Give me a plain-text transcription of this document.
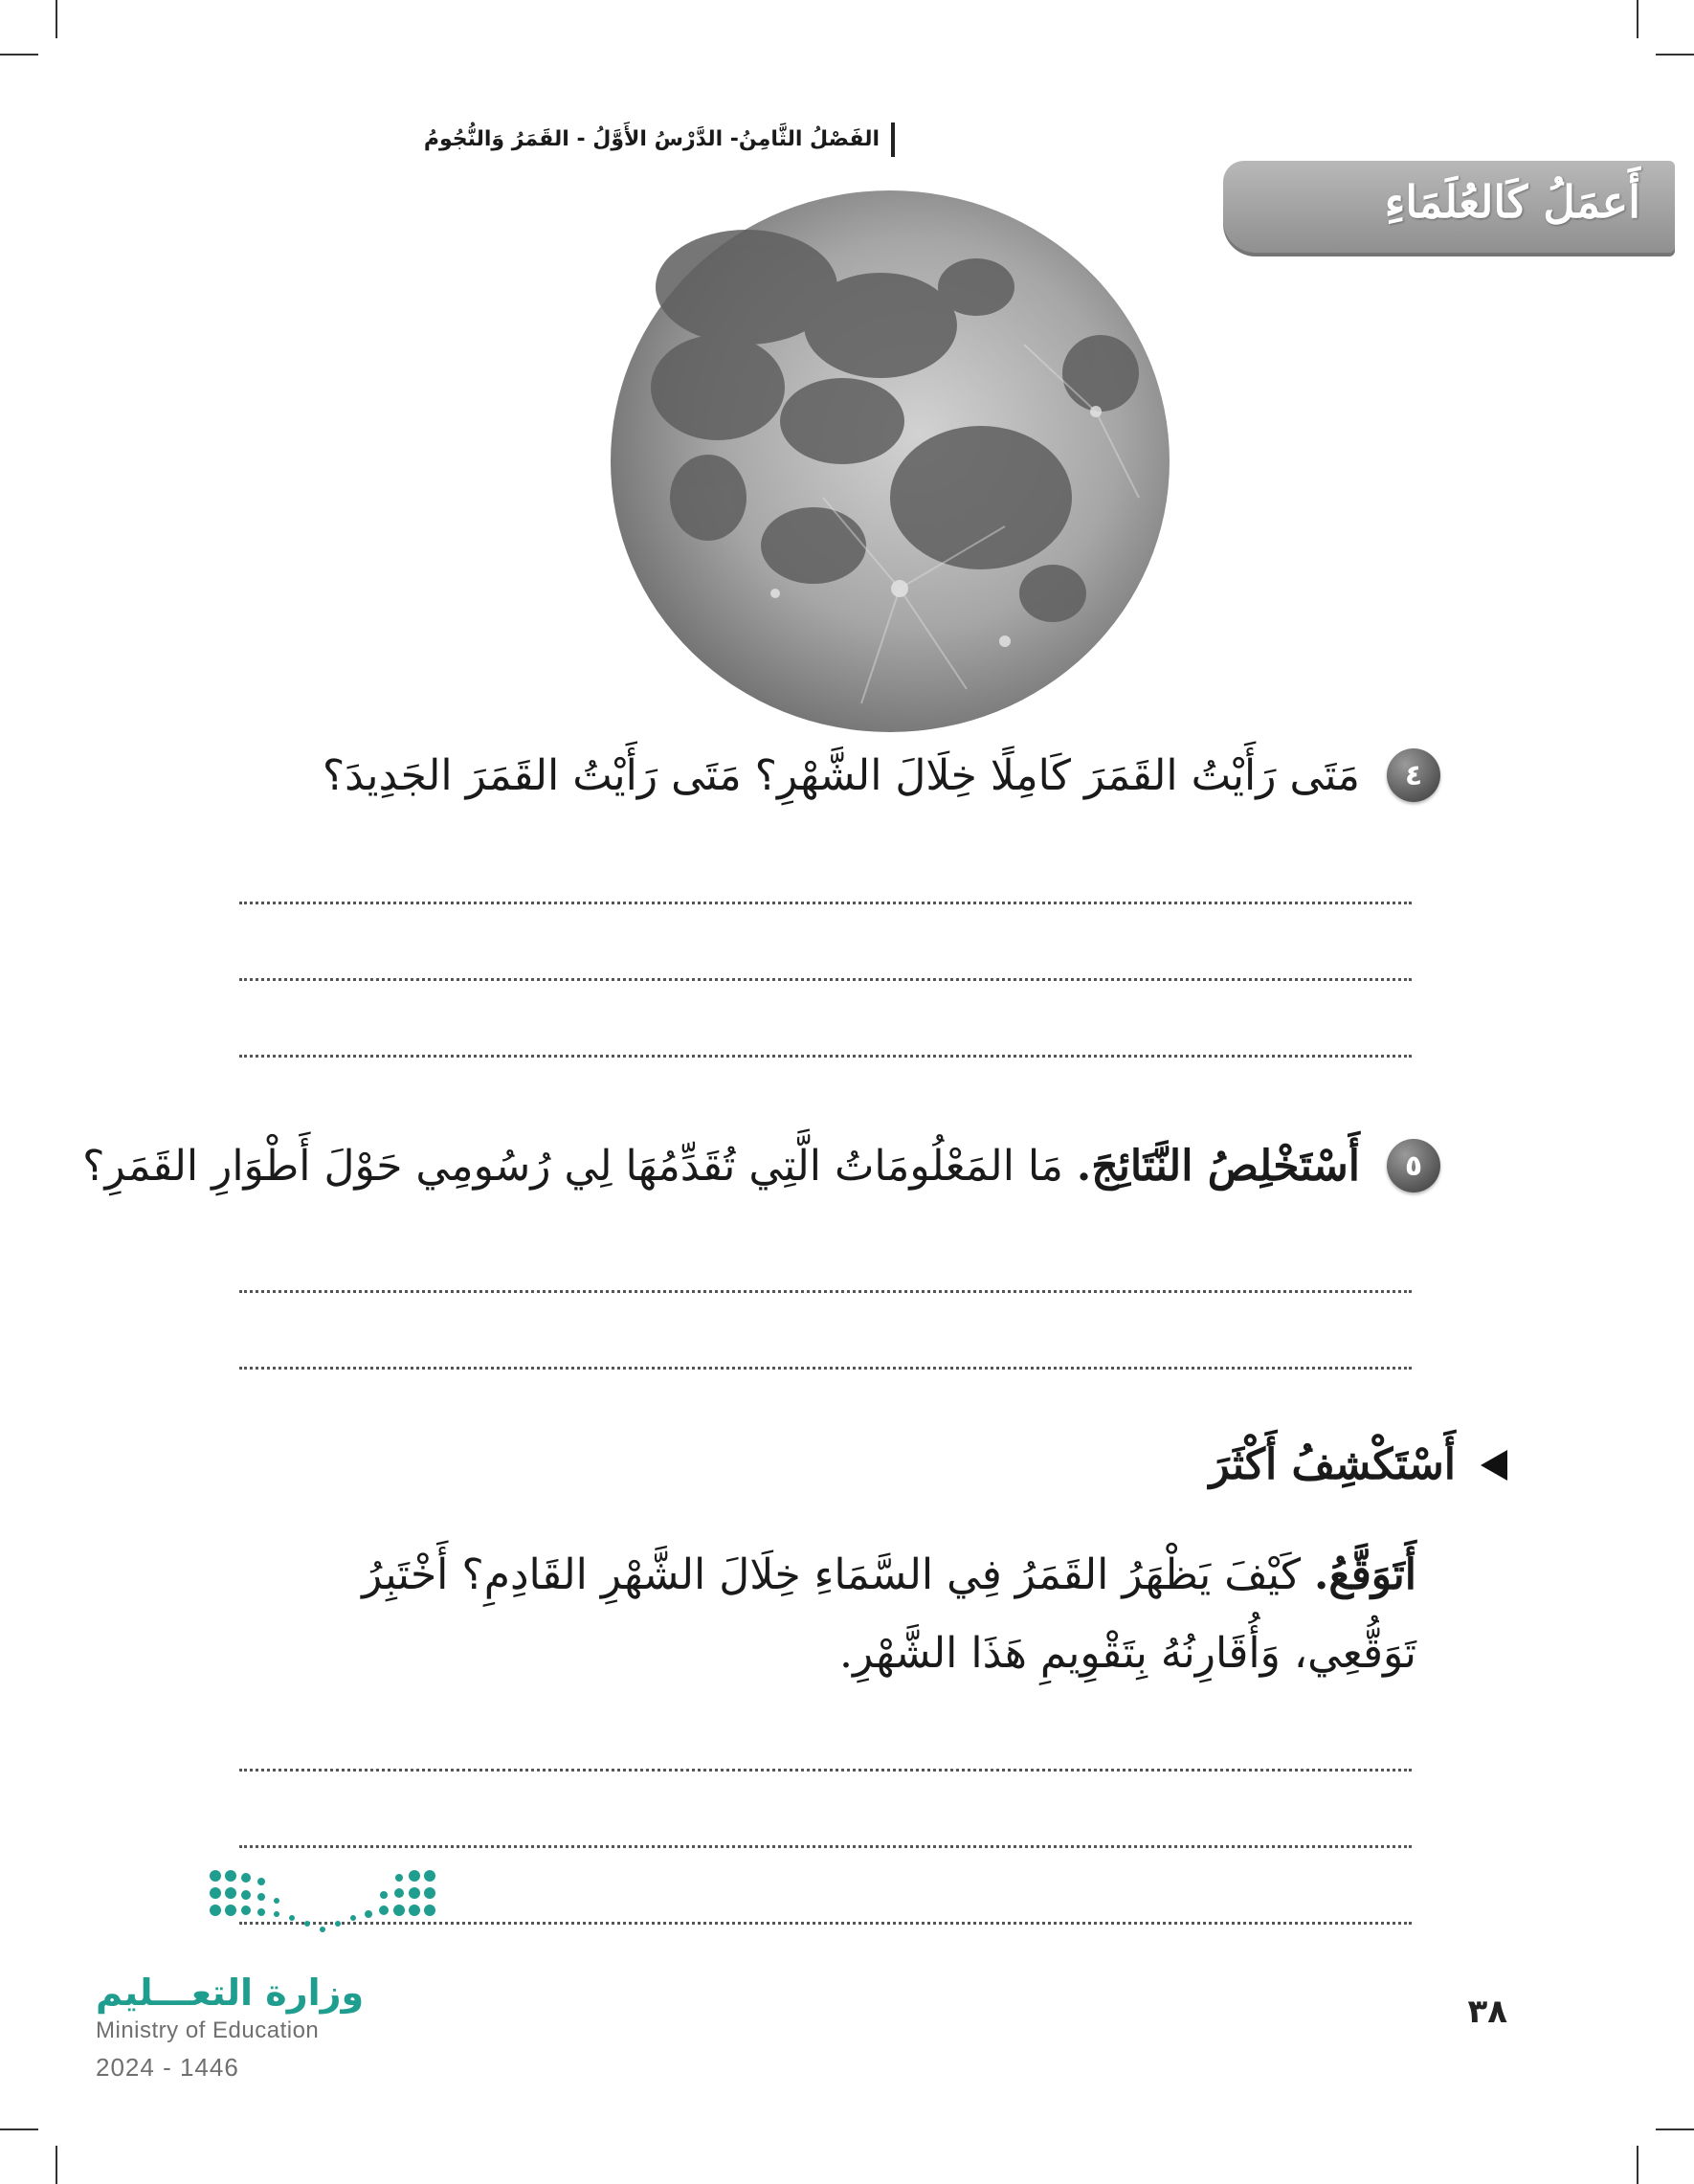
الفَصْلُ الثَّامِنُ- الدَّرْسُ الأَوَّلُ - القَمَرُ وَالنُّجُومُ
أَعمَلُ كَالعُلَمَاءِ
٤
مَتَى رَأَيْتُ القَمَرَ كَامِلًا خِلَالَ الشَّهْرِ؟ مَتَى رَأَيْتُ القَمَرَ الجَدِيدَ؟
٥
أَسْتَخْلِصُ النَّتَائِجَ. مَا المَعْلُومَاتُ الَّتِي تُقَدِّمُهَا لِي رُسُومِي حَوْلَ أَطْوَارِ القَمَرِ؟
أَسْتَكْشِفُ أَكْثَرَ
أَتَوَقَّعُ. كَيْفَ يَظْهَرُ القَمَرُ فِي السَّمَاءِ خِلَالَ الشَّهْرِ القَادِمِ؟ أَخْتَبِرُ تَوَقُّعِي، وَأُقَارِنُهُ بِتَقْوِيمِ هَذَا الشَّهْرِ.
وزارة التعـــليم
Ministry of Education
2024 - 1446
٣٨
